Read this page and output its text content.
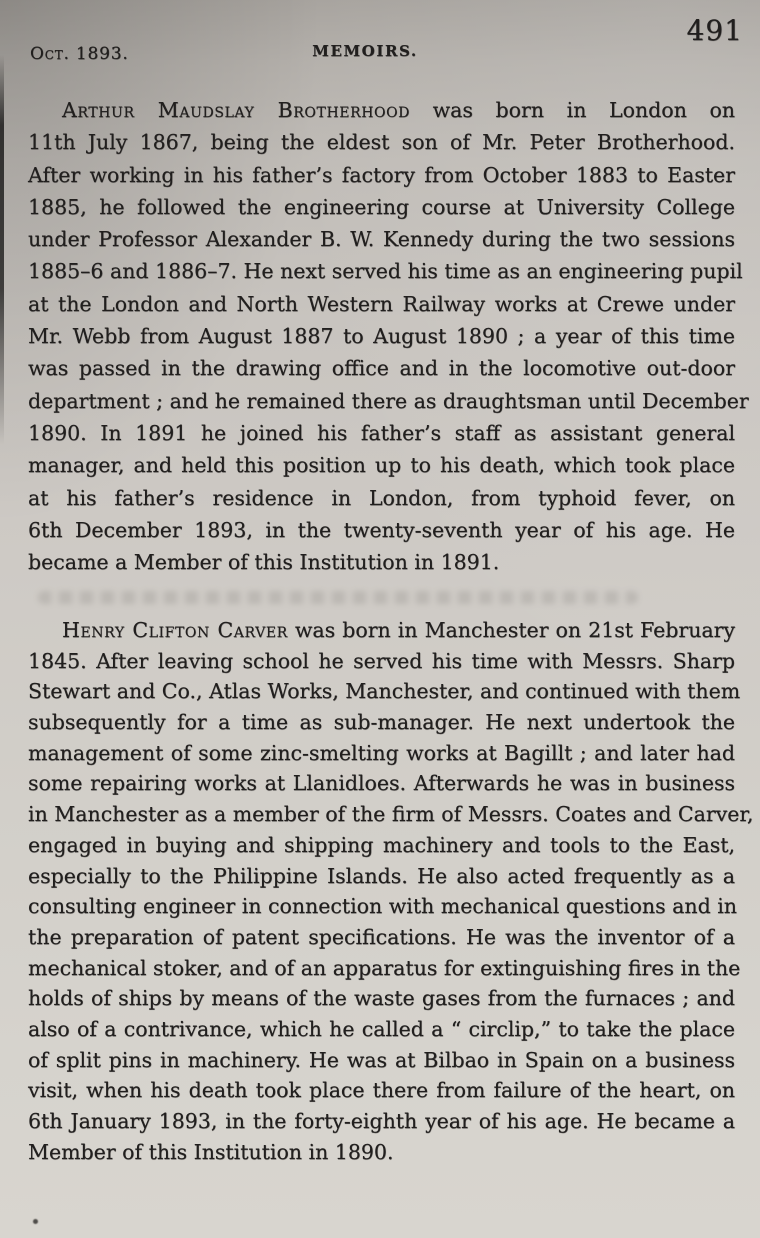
Oct. 1893.	MEMOIRS.
491
Arthur Maudslay Brotherhood was born in London on
11th July 1867, being the eldest son of Mr. Peter Brotherhood.
After working in his father’s factory from October 1883 to Easter
1885, he followed the engineering course at University College
under Professor Alexander B. W. Kennedy during the two sessions
1885–6 and 1886–7. He next served his time as an engineering pupil
at the London and North Western Railway works at Crewe under
Mr. Webb from August 1887 to August 1890 ; a year of this time
was passed in the drawing office and in the locomotive out-door
department ; and he remained there as draughtsman until December
1890. In 1891 he joined his father’s staff as assistant general
manager, and held this position up to his death, which took place
at his father’s residence in London, from typhoid fever, on
6th December 1893, in the twenty-seventh year of his age. He
became a Member of this Institution in 1891.
Henry Clifton Carver was born in Manchester on 21st February
1845. After leaving school he served his time with Messrs. Sharp
Stewart and Co., Atlas Works, Manchester, and continued with them
subsequently for a time as sub-manager. He next undertook the
management of some zinc-smelting works at Bagillt ; and later had
some repairing works at Llanidloes. Afterwards he was in business
in Manchester as a member of the firm of Messrs. Coates and Carver,
engaged in buying and shipping machinery and tools to the East,
especially to the Philippine Islands. He also acted frequently as a
consulting engineer in connection with mechanical questions and in
the preparation of patent specifications. He was the inventor of a
mechanical stoker, and of an apparatus for extinguishing fires in the
holds of ships by means of the waste gases from the furnaces ; and
also of a contrivance, which he called a “ circlip,” to take the place
of split pins in machinery. He was at Bilbao in Spain on a business
visit, when his death took place there from failure of the heart, on
6th January 1893, in the forty-eighth year of his age. He became a
Member of this Institution in 1890.
